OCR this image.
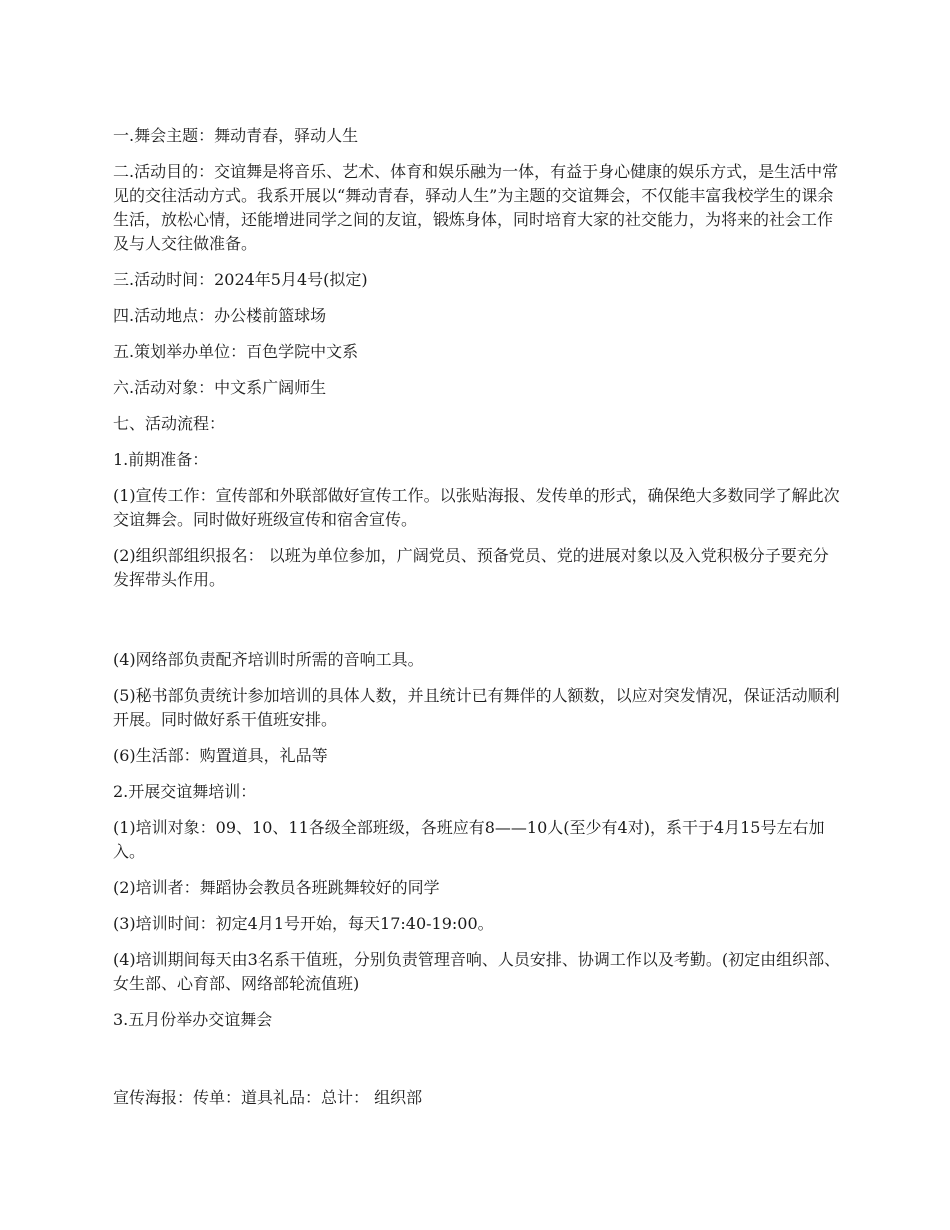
一.舞会主题：舞动青春，驿动人生

二.活动目的：交谊舞是将音乐、艺术、体育和娱乐融为一体，有益于身心健康的娱乐方式，是生活中常见的交往活动方式。我系开展以“舞动青春，驿动人生”为主题的交谊舞会，不仅能丰富我校学生的课余生活，放松心情，还能增进同学之间的友谊，锻炼身体，同时培育大家的社交能力，为将来的社会工作及与人交往做准备。

三.活动时间：2024年5月4号(拟定)

四.活动地点：办公楼前篮球场

五.策划举办单位：百色学院中文系

六.活动对象：中文系广阔师生

七、活动流程：

1.前期准备：

(1)宣传工作：宣传部和外联部做好宣传工作。以张贴海报、发传单的形式，确保绝大多数同学了解此次交谊舞会。同时做好班级宣传和宿舍宣传。

(2)组织部组织报名： 以班为单位参加，广阔党员、预备党员、党的进展对象以及入党积极分子要充分发挥带头作用。

(4)网络部负责配齐培训时所需的音响工具。

(5)秘书部负责统计参加培训的具体人数，并且统计已有舞伴的人额数，以应对突发情况，保证活动顺利开展。同时做好系干值班安排。

(6)生活部：购置道具，礼品等

2.开展交谊舞培训：

(1)培训对象：09、10、11各级全部班级，各班应有8——10人(至少有4对)，系干于4月15号左右加入。

(2)培训者：舞蹈协会教员各班跳舞较好的同学

(3)培训时间：初定4月1号开始，每天17:40-19:00。

(4)培训期间每天由3名系干值班，分别负责管理音响、人员安排、协调工作以及考勤。(初定由组织部、女生部、心育部、网络部轮流值班)

3.五月份举办交谊舞会

宣传海报：传单：道具礼品：总计： 组织部
